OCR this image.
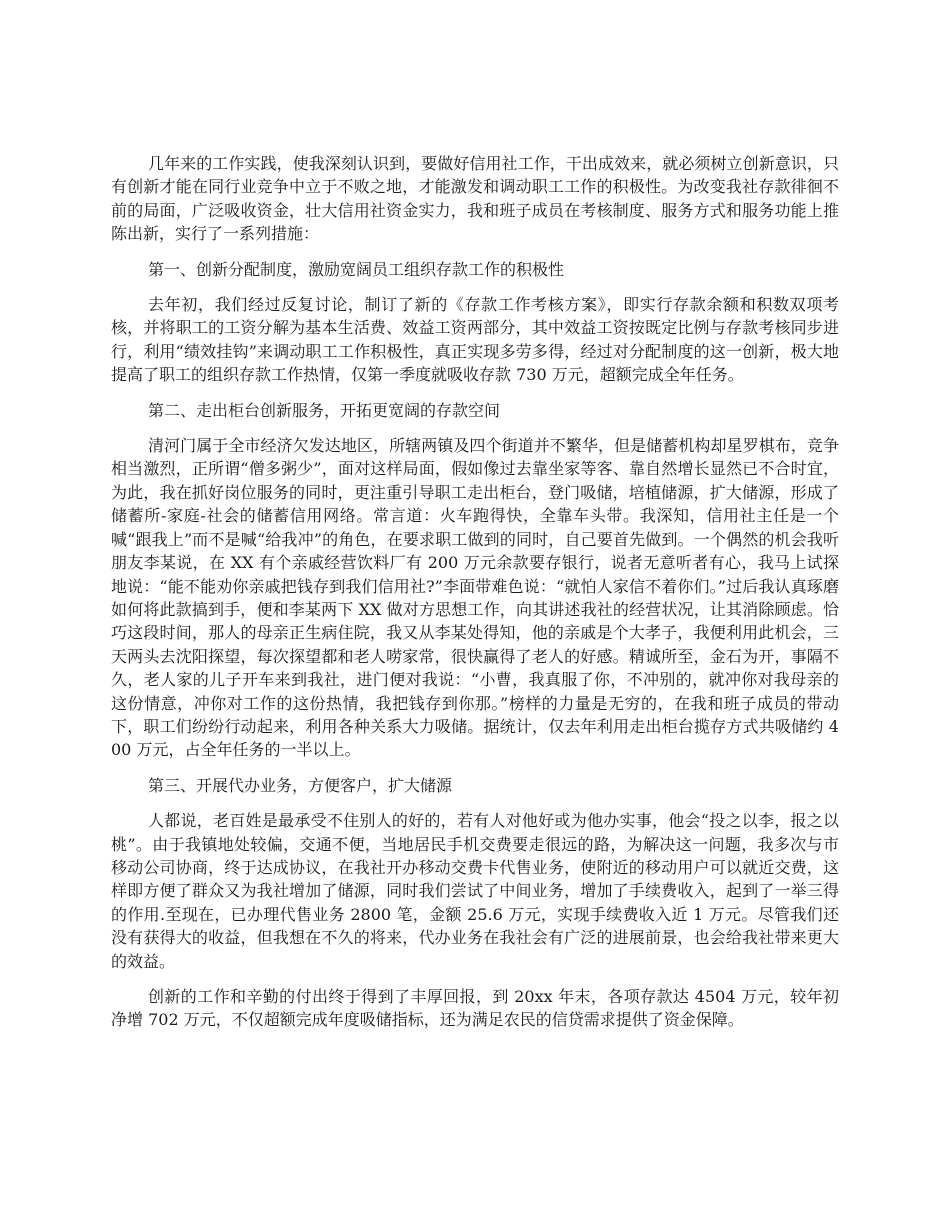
几年来的工作实践，使我深刻认识到，要做好信用社工作，干出成效来，就必须树立创新意识，只有创新才能在同行业竞争中立于不败之地，才能激发和调动职工工作的积极性。为改变我社存款徘徊不前的局面，广泛吸收资金，壮大信用社资金实力，我和班子成员在考核制度、服务方式和服务功能上推陈出新，实行了一系列措施：

第一、创新分配制度，激励宽阔员工组织存款工作的积极性

去年初，我们经过反复讨论，制订了新的《存款工作考核方案》，即实行存款余额和积数双项考核，并将职工的工资分解为基本生活费、效益工资两部分，其中效益工资按既定比例与存款考核同步进行，利用“绩效挂钩”来调动职工工作积极性，真正实现多劳多得，经过对分配制度的这一创新，极大地提高了职工的组织存款工作热情，仅第一季度就吸收存款 730 万元，超额完成全年任务。

第二、走出柜台创新服务，开拓更宽阔的存款空间

清河门属于全市经济欠发达地区，所辖两镇及四个街道并不繁华，但是储蓄机构却星罗棋布，竞争相当激烈，正所谓“僧多粥少”，面对这样局面，假如像过去靠坐家等客、靠自然增长显然已不合时宜，为此，我在抓好岗位服务的同时，更注重引导职工走出柜台，登门吸储，培植储源，扩大储源，形成了储蓄所-家庭-社会的储蓄信用网络。常言道：火车跑得快，全靠车头带。我深知，信用社主任是一个喊“跟我上”而不是喊“给我冲”的角色，在要求职工做到的同时，自己要首先做到。一个偶然的机会我听朋友李某说，在 XX 有个亲戚经营饮料厂有 200 万元余款要存银行，说者无意听者有心，我马上试探地说：“能不能劝你亲戚把钱存到我们信用社?”李面带难色说：“就怕人家信不着你们。”过后我认真琢磨如何将此款搞到手，便和李某两下 XX 做对方思想工作，向其讲述我社的经营状况，让其消除顾虑。恰巧这段时间，那人的母亲正生病住院，我又从李某处得知，他的亲戚是个大孝子，我便利用此机会，三天两头去沈阳探望，每次探望都和老人唠家常，很快赢得了老人的好感。精诚所至，金石为开，事隔不久，老人家的儿子开车来到我社，进门便对我说：“小曹，我真服了你，不冲别的，就冲你对我母亲的这份情意，冲你对工作的这份热情，我把钱存到你那。”榜样的力量是无穷的，在我和班子成员的带动下，职工们纷纷行动起来，利用各种关系大力吸储。据统计，仅去年利用走出柜台揽存方式共吸储约 400 万元，占全年任务的一半以上。

第三、开展代办业务，方便客户，扩大储源

人都说，老百姓是最承受不住别人的好的，若有人对他好或为他办实事，他会“投之以李，报之以桃”。由于我镇地处较偏，交通不便，当地居民手机交费要走很远的路，为解决这一问题，我多次与市移动公司协商，终于达成协议，在我社开办移动交费卡代售业务，使附近的移动用户可以就近交费，这样即方便了群众又为我社增加了储源，同时我们尝试了中间业务，增加了手续费收入，起到了一举三得的作用.至现在，已办理代售业务 2800 笔，金额 25.6 万元，实现手续费收入近 1 万元。尽管我们还没有获得大的收益，但我想在不久的将来，代办业务在我社会有广泛的进展前景，也会给我社带来更大的效益。

创新的工作和辛勤的付出终于得到了丰厚回报，到 20xx 年末，各项存款达 4504 万元，较年初净增 702 万元，不仅超额完成年度吸储指标，还为满足农民的信贷需求提供了资金保障。
